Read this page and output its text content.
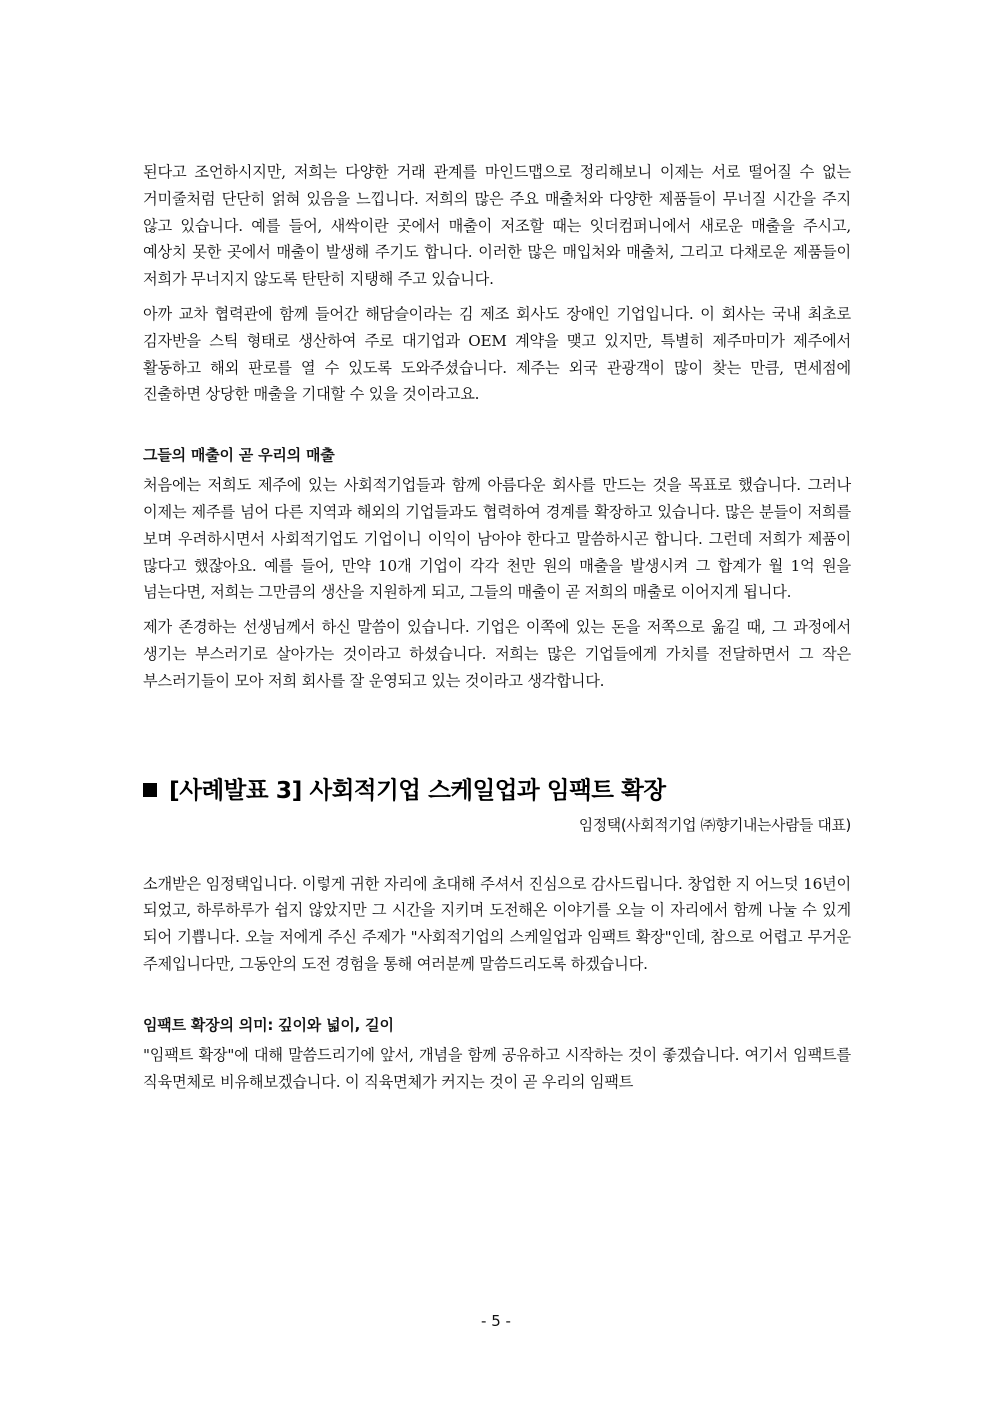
된다고 조언하시지만, 저희는 다양한 거래 관계를 마인드맵으로 정리해보니 이제는 서로 떨어질 수 없는 거미줄처럼 단단히 얽혀 있음을 느낍니다. 저희의 많은 주요 매출처와 다양한 제품들이 무너질 시간을 주지 않고 있습니다. 예를 들어, 새싹이란 곳에서 매출이 저조할 때는 잇더컴퍼니에서 새로운 매출을 주시고, 예상치 못한 곳에서 매출이 발생해 주기도 합니다. 이러한 많은 매입처와 매출처, 그리고 다채로운 제품들이 저희가 무너지지 않도록 탄탄히 지탱해 주고 있습니다.

아까 교차 협력관에 함께 들어간 해담슬이라는 김 제조 회사도 장애인 기업입니다. 이 회사는 국내 최초로 김자반을 스틱 형태로 생산하여 주로 대기업과 OEM 계약을 맺고 있지만, 특별히 제주마미가 제주에서 활동하고 해외 판로를 열 수 있도록 도와주셨습니다. 제주는 외국 관광객이 많이 찾는 만큼, 면세점에 진출하면 상당한 매출을 기대할 수 있을 것이라고요.

그들의 매출이 곧 우리의 매출

처음에는 저희도 제주에 있는 사회적기업들과 함께 아름다운 회사를 만드는 것을 목표로 했습니다. 그러나 이제는 제주를 넘어 다른 지역과 해외의 기업들과도 협력하여 경계를 확장하고 있습니다. 많은 분들이 저희를 보며 우려하시면서 사회적기업도 기업이니 이익이 남아야 한다고 말씀하시곤 합니다. 그런데 저희가 제품이 많다고 했잖아요. 예를 들어, 만약 10개 기업이 각각 천만 원의 매출을 발생시켜 그 합계가 월 1억 원을 넘는다면, 저희는 그만큼의 생산을 지원하게 되고, 그들의 매출이 곧 저희의 매출로 이어지게 됩니다.

제가 존경하는 선생님께서 하신 말씀이 있습니다. 기업은 이쪽에 있는 돈을 저쪽으로 옮길 때, 그 과정에서 생기는 부스러기로 살아가는 것이라고 하셨습니다. 저희는 많은 기업들에게 가치를 전달하면서 그 작은 부스러기들이 모아 저희 회사를 잘 운영되고 있는 것이라고 생각합니다.

[사례발표 3] 사회적기업 스케일업과 임팩트 확장

임정택(사회적기업 ㈜향기내는사람들 대표)

소개받은 임정택입니다. 이렇게 귀한 자리에 초대해 주셔서 진심으로 감사드립니다. 창업한 지 어느덧 16년이 되었고, 하루하루가 쉽지 않았지만 그 시간을 지키며 도전해온 이야기를 오늘 이 자리에서 함께 나눌 수 있게 되어 기쁩니다. 오늘 저에게 주신 주제가 "사회적기업의 스케일업과 임팩트 확장"인데, 참으로 어렵고 무거운 주제입니다만, 그동안의 도전 경험을 통해 여러분께 말씀드리도록 하겠습니다.

임팩트 확장의 의미: 깊이와 넓이, 길이

"임팩트 확장"에 대해 말씀드리기에 앞서, 개념을 함께 공유하고 시작하는 것이 좋겠습니다. 여기서 임팩트를 직육면체로 비유해보겠습니다. 이 직육면체가 커지는 것이 곧 우리의 임팩트

- 5 -
